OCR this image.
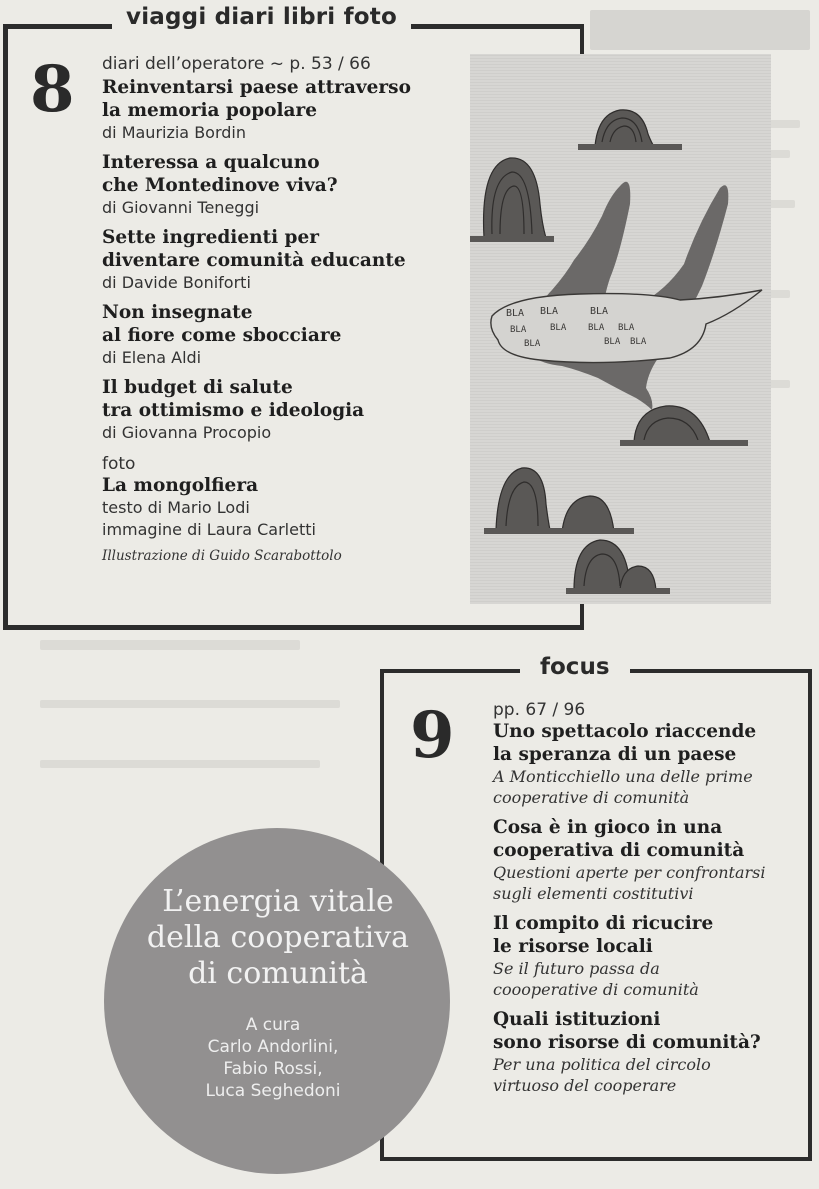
viaggi diari libri foto
8 diari dell’operatore ~ p. 53 / 66
Reinventarsi paese attraverso
la memoria popolare
di Maurizia Bordin
Interessa a qualcuno
che Montedinove viva?
di Giovanni Teneggi
Sette ingredienti per
diventare comunità educante
di Davide Boniforti
Non insegnate
al fiore come sbocciare
di Elena Aldi
Il budget di salute
tra ottimismo e ideologia
di Giovanna Procopio
foto
La mongolfiera
testo di Mario Lodi
immagine di Laura Carletti
Illustrazione di Guido Scarabottolo
BLA BLA	BLA
BLA	BLA BLA BLA
BLA	BLA BLA
focus
9 pp. 67 / 96
Uno spettacolo riaccende
la speranza di un paese
A Monticchiello una delle prime
cooperative di comunità
Cosa è in gioco in una
cooperativa di comunità
Questioni aperte per confrontarsi
sugli elementi costitutivi
Il compito di ricucire
le risorse locali
Se il futuro passa da
coooperative di comunità
Quali istituzioni
sono risorse di comunità?
Per una politica del circolo
virtuoso del cooperare
L’energia vitale
della cooperativa
di comunità
A cura
Carlo Andorlini,
Fabio Rossi,
Luca Seghedoni
